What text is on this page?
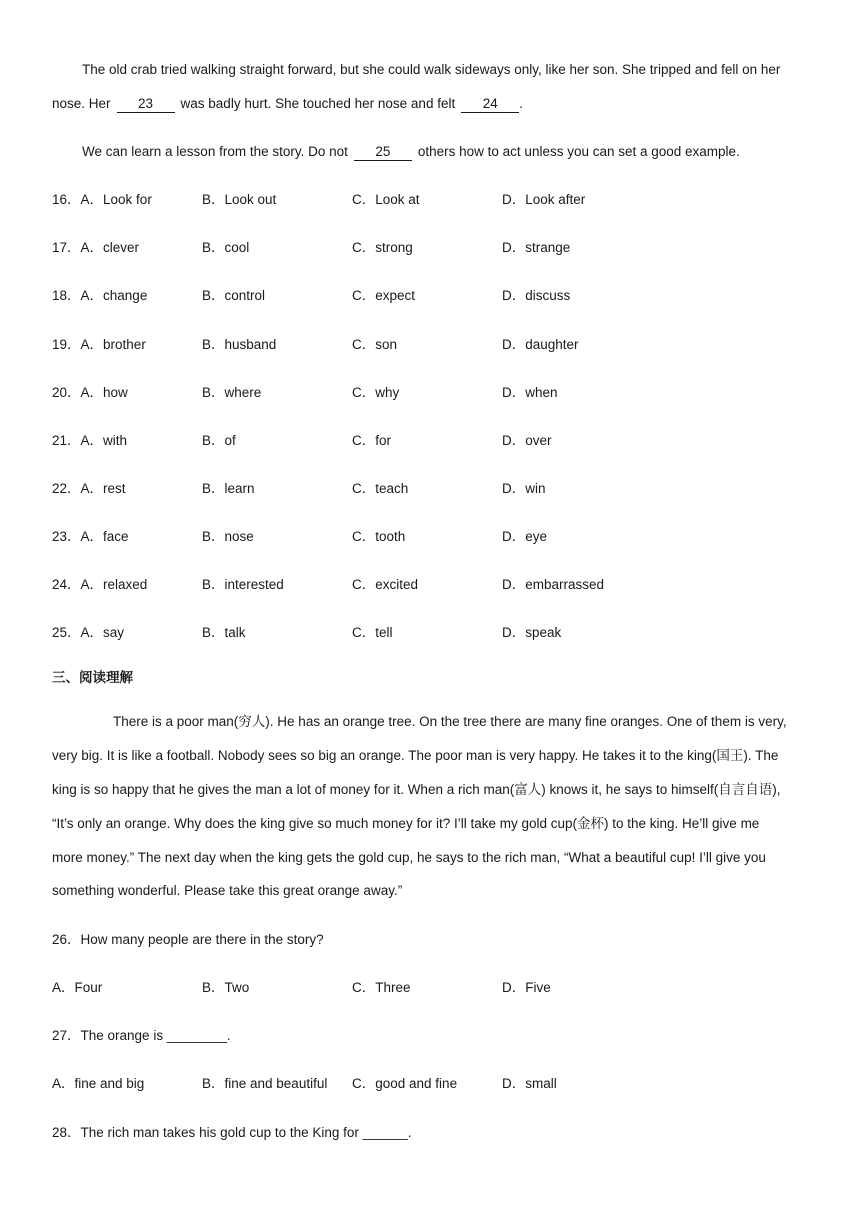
The old crab tried walking straight forward, but she could walk sideways only, like her son. She tripped and fell on her
nose. Her 23 was badly hurt. She touched her nose and felt 24 .
We can learn a lesson from the story. Do not 25 others how to act unless you can set a good example.
16．A．Look for	B．Look out	C．Look at	D．Look after
17．A．clever	B．cool	C．strong	D．strange
18．A．change	B．control	C．expect	D．discuss
19．A．brother	B．husband	C．son	D．daughter
20．A．how	B．where	C．why	D．when
21．A．with	B．of	C．for	D．over
22．A．rest	B．learn	C．teach	D．win
23．A．face	B．nose	C．tooth	D．eye
24．A．relaxed	B．interested	C．excited	D．embarrassed
25．A．say	B．talk	C．tell	D．speak
三、阅读理解
There is a poor man(穷人). He has an orange tree. On the tree there are many fine oranges. One of them is very,
very big. It is like a football. Nobody sees so big an orange. The poor man is very happy. He takes it to the king(国王). The
king is so happy that he gives the man a lot of money for it. When a rich man(富人) knows it, he says to himself(自言自语),
“It’s only an orange. Why does the king give so much money for it? I’ll take my gold cup(金杯) to the king. He’ll give me
more money.” The next day when the king gets the gold cup, he says to the rich man, “What a beautiful cup! I’ll give you
something wonderful. Please take this great orange away.”
26．How many people are there in the story?
A．Four	B．Two	C．Three	D．Five
27．The orange is ________.
A．fine and big	B．fine and beautiful C．good and fine	D．small
28．The rich man takes his gold cup to the King for ______.
